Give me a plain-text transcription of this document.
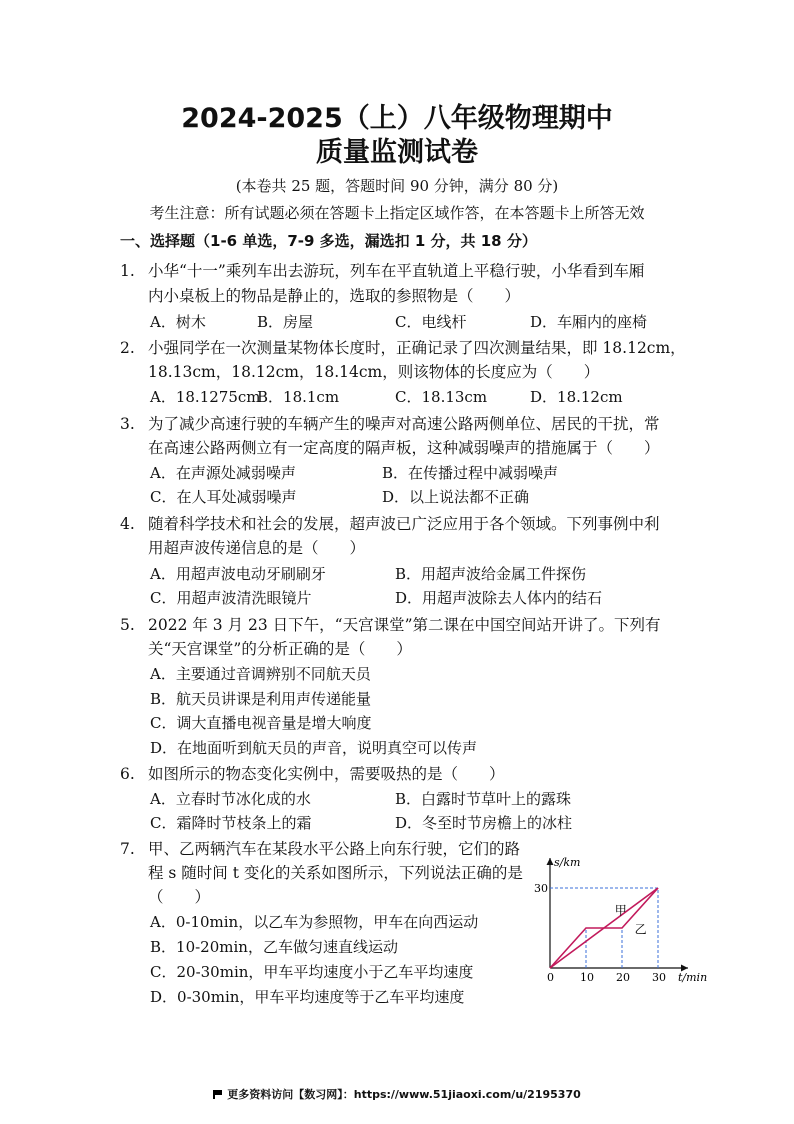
2024-2025（上）八年级物理期中
质量监测试卷
(本卷共 25 题，答题时间 90 分钟，满分 80 分)
考生注意：所有试题必须在答题卡上指定区域作答，在本答题卡上所答无效
一、选择题（1-6 单选，7-9 多选，漏选扣 1 分，共 18 分）
1. 小华“十一”乘列车出去游玩，列车在平直轨道上平稳行驶，小华看到车厢
内小桌板上的物品是静止的，选取的参照物是（　　）
A．树木	B．房屋	C．电线杆	D．车厢内的座椅
2. 小强同学在一次测量某物体长度时，正确记录了四次测量结果，即 18.12cm，
18.13cm，18.12cm，18.14cm，则该物体的长度应为（　　）
A．18.1275cm
B．18.1cm	C．18.13cm	D．18.12cm
3. 为了减少高速行驶的车辆产生的噪声对高速公路两侧单位、居民的干扰，常
在高速公路两侧立有一定高度的隔声板，这种减弱噪声的措施属于（　　）
A．在声源处减弱噪声	B．在传播过程中减弱噪声
C．在人耳处减弱噪声	D．以上说法都不正确
4. 随着科学技术和社会的发展，超声波已广泛应用于各个领域。下列事例中利
用超声波传递信息的是（　　）
A．用超声波电动牙刷刷牙	B．用超声波给金属工件探伤
C．用超声波清洗眼镜片	D．用超声波除去人体内的结石
5. 2022 年 3 月 23 日下午，“天宫课堂”第二课在中国空间站开讲了。下列有
关“天宫课堂”的分析正确的是（　　）
A．主要通过音调辨别不同航天员
B．航天员讲课是利用声传递能量
C．调大直播电视音量是增大响度
D．在地面听到航天员的声音，说明真空可以传声
6. 如图所示的物态变化实例中，需要吸热的是（　　）
A．立春时节冰化成的水	B．白露时节草叶上的露珠
C．霜降时节枝条上的霜	D．冬至时节房檐上的冰柱
7. 甲、乙两辆汽车在某段水平公路上向东行驶，它们的路
程 s 随时间 t 变化的关系如图所示，下列说法正确的是
（　　）
A．0-10min，以乙车为参照物，甲车在向西运动
B．10-20min，乙车做匀速直线运动
C．20-30min，甲车平均速度小于乙车平均速度
D．0-30min，甲车平均速度等于乙车平均速度
s/km
t/min
0 10 20 30
30
甲
乙
更多资料访问【数习网】：https://www.51jiaoxi.com/u/2195370
